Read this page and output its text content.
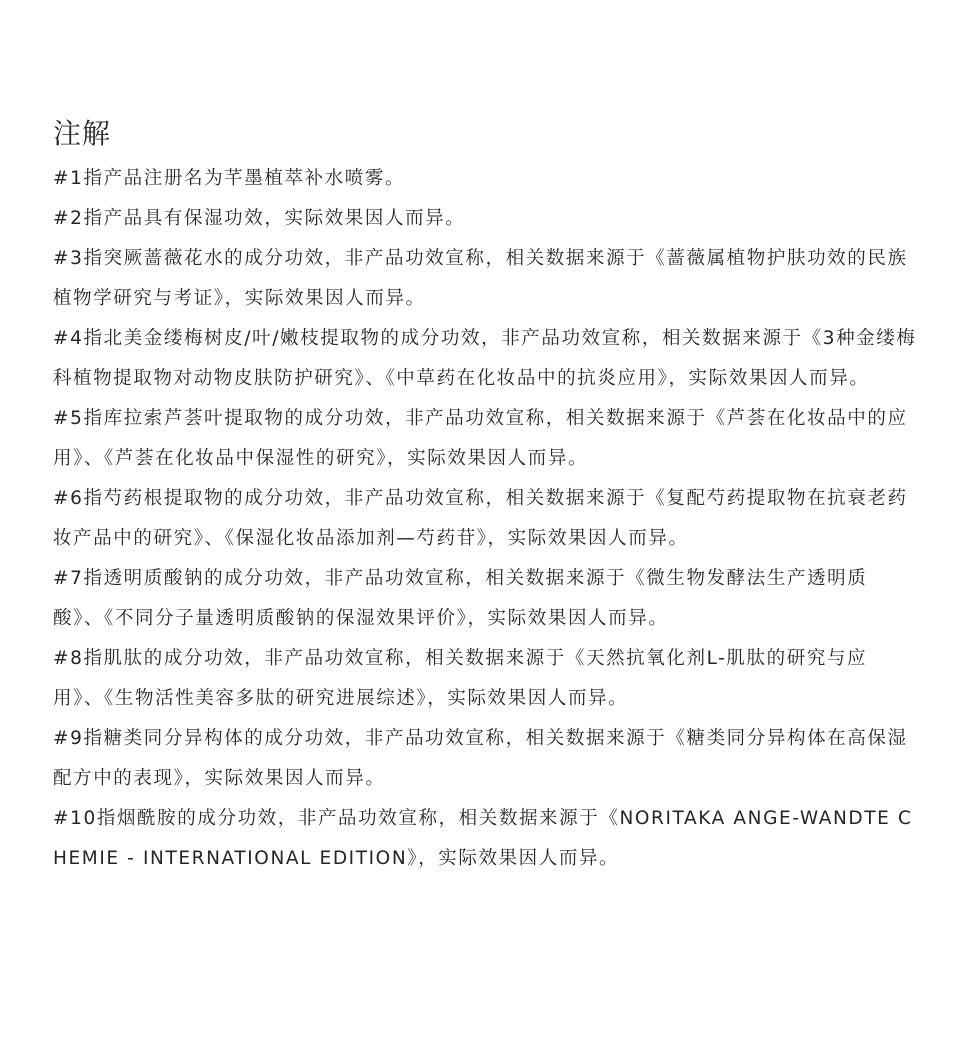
注解

#1指产品注册名为芊墨植萃补水喷雾。

#2指产品具有保湿功效，实际效果因人而异。

#3指突厥蔷薇花水的成分功效，非产品功效宣称，相关数据来源于《蔷薇属植物护肤功效的民族植物学研究与考证》，实际效果因人而异。

#4指北美金缕梅树皮/叶/嫩枝提取物的成分功效，非产品功效宣称，相关数据来源于《3种金缕梅科植物提取物对动物皮肤防护研究》、《中草药在化妆品中的抗炎应用》，实际效果因人而异。

#5指库拉索芦荟叶提取物的成分功效，非产品功效宣称，相关数据来源于《芦荟在化妆品中的应用》、《芦荟在化妆品中保湿性的研究》，实际效果因人而异。

#6指芍药根提取物的成分功效，非产品功效宣称，相关数据来源于《复配芍药提取物在抗衰老药妆产品中的研究》、《保湿化妆品添加剂—芍药苷》，实际效果因人而异。

#7指透明质酸钠的成分功效，非产品功效宣称，相关数据来源于《微生物发酵法生产透明质酸》、《不同分子量透明质酸钠的保湿效果评价》，实际效果因人而异。

#8指肌肽的成分功效，非产品功效宣称，相关数据来源于《天然抗氧化剂L-肌肽的研究与应用》、《生物活性美容多肽的研究进展综述》，实际效果因人而异。

#9指糖类同分异构体的成分功效，非产品功效宣称，相关数据来源于《糖类同分异构体在高保湿配方中的表现》，实际效果因人而异。

#10指烟酰胺的成分功效，非产品功效宣称，相关数据来源于《NORITAKA ANGE-WANDTE CHEMIE - INTERNATIONAL EDITION》，实际效果因人而异。
